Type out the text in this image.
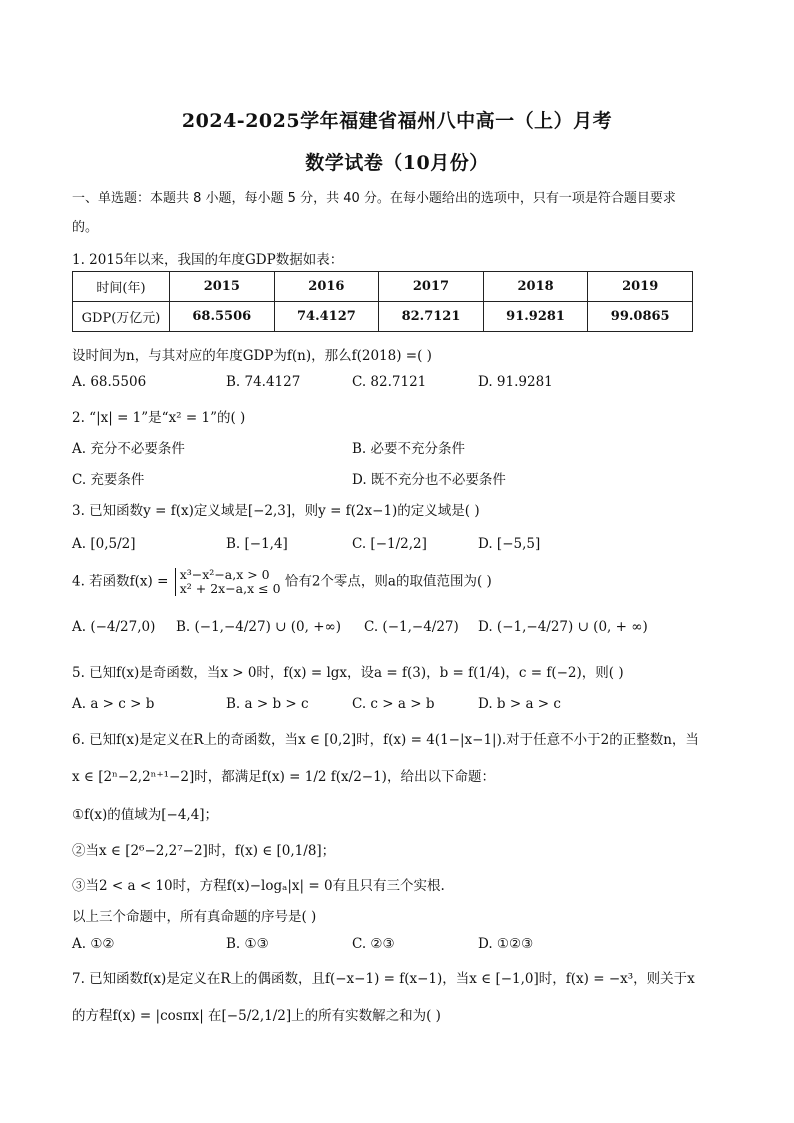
2024-2025学年福建省福州八中高一（上）月考
数学试卷（10月份）
一、单选题：本题共 8 小题，每小题 5 分，共 40 分。在每小题给出的选项中，只有一项是符合题目要求
的。
1. 2015年以来，我国的年度GDP数据如表：
时间(年)	2015	2016	2017	2018	2019
GDP(万亿元)	68.5506	74.4127	82.7121	91.9281	99.0865
设时间为n，与其对应的年度GDP为f(n)，那么f(2018) =( )
A. 68.5506	B. 74.4127	C. 82.7121	D. 91.9281
2. “|x| = 1”是“x² = 1”的( )
A. 充分不必要条件	B. 必要不充分条件
C. 充要条件	D. 既不充分也不必要条件
3. 已知函数y = f(x)定义域是[−2,3]，则y = f(2x−1)的定义域是( )
A. [0,5/2]	B. [−1,4]	C. [−1/2,2]	D. [−5,5]
4. 若函数f(x) = x³−x²−a,x > 0
x² + 2x−a,x ≤ 0 恰有2个零点，则a的取值范围为( )
A. (−4/27,0) B. (−1,−4/27) ∪ (0, +∞) C. (−1,−4/27) D. (−1,−4/27) ∪ (0, + ∞)
5. 已知f(x)是奇函数，当x > 0时，f(x) = lgx，设a = f(3)，b = f(1/4)，c = f(−2)，则( )
A. a > c > b	B. a > b > c	C. c > a > b	D. b > a > c
6. 已知f(x)是定义在R上的奇函数，当x ∈ [0,2]时，f(x) = 4(1−|x−1|).对于任意不小于2的正整数n，当
x ∈ [2ⁿ−2,2ⁿ⁺¹−2]时，都满足f(x) = 1/2 f(x/2−1)，给出以下命题：
①f(x)的值域为[−4,4]；
②当x ∈ [2⁶−2,2⁷−2]时，f(x) ∈ [0,1/8]；
③当2 < a < 10时，方程f(x)−logₐ|x| = 0有且只有三个实根.
以上三个命题中，所有真命题的序号是( )
A. ①②	B. ①③	C. ②③	D. ①②③
7. 已知函数f(x)是定义在R上的偶函数，且f(−x−1) = f(x−1)，当x ∈ [−1,0]时，f(x) = −x³，则关于x
的方程f(x) = |cosπx| 在[−5/2,1/2]上的所有实数解之和为( )
